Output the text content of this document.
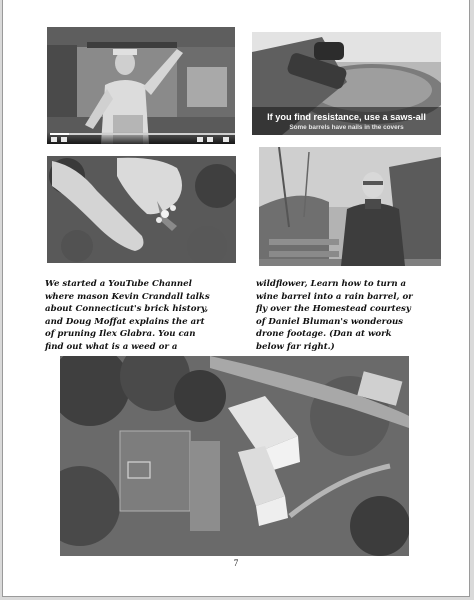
If you find resistance, use a saws-all
Some barrels have nails in the covers
We started a YouTube Channel
where mason Kevin Crandall talks
about Connecticut's brick history,
and Doug Moffat explains the art
of pruning Ilex Glabra. You can
find out what is a weed or a
wildflower, Learn how to turn a
wine barrel into a rain barrel, or
fly over the Homestead courtesy
of Daniel Bluman's wonderous
drone footage. (Dan at work
below far right.)
7
